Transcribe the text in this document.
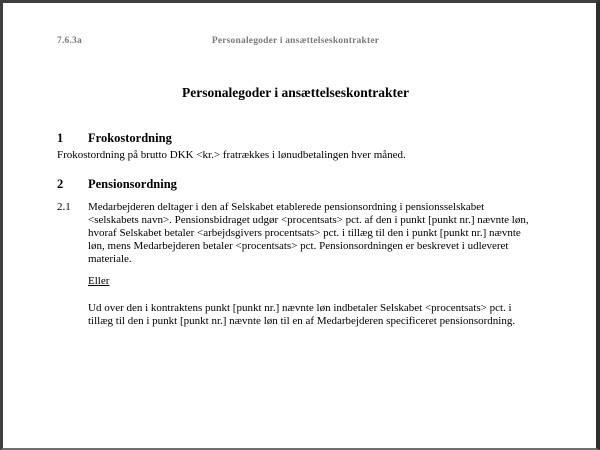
7.6.3a	Personalegoder i ansættelseskontrakter
Personalegoder i ansættelseskontrakter
1	Frokostordning

Frokostordning på brutto DKK <kr.> fratrækkes i lønudbetalingen hver måned.

2	Pensionsordning
2.1	Medarbejderen deltager i den af Selskabet etablerede pensionsordning i pensionsselskabet <selskabets navn>. Pensionsbidraget udgør <procentsats> pct. af den i punkt [punkt nr.] nævnte løn, hvoraf Selskabet betaler <arbejdsgivers procentsats> pct. i tillæg til den i punkt [punkt nr.] nævnte løn, mens Medarbejderen betaler <procentsats> pct. Pensionsordningen er beskrevet i udleveret materiale.

Eller

Ud over den i kontraktens punkt [punkt nr.] nævnte løn indbetaler Selskabet <procentsats> pct. i tillæg til den i punkt [punkt nr.] nævnte løn til en af Medarbejderen specificeret pensionsordning.
